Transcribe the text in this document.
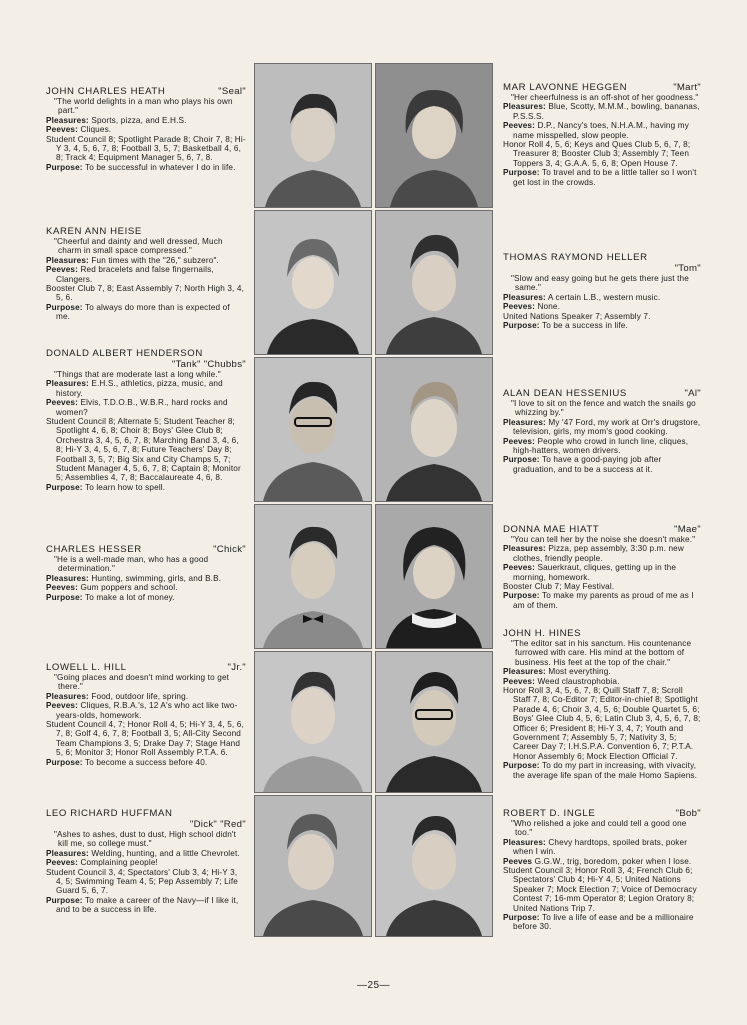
JOHN CHARLES HEATH	"Seal"
"The world delights in a man who plays his own part."
Pleasures: Sports, pizza, and E.H.S.
Peeves: Cliques.
Student Council 8; Spotlight Parade 8; Choir 7, 8; Hi-Y 3, 4, 5, 6, 7, 8; Football 3, 5, 7; Basketball 4, 6, 8; Track 4; Equipment Manager 5, 6, 7, 8.
Purpose: To be successful in whatever I do in life.
MAR LAVONNE HEGGEN	"Mart"
"Her cheerfulness is an off-shot of her goodness."
Pleasures: Blue, Scotty, M.M.M., bowling, bananas, P.S.S.S.
Peeves: D.P., Nancy's toes, N.H.A.M., having my name misspelled, slow people.
Honor Roll 4, 5, 6; Keys and Ques Club 5, 6, 7, 8; Treasurer 8; Booster Club 3; Assembly 7; Teen Toppers 3, 4; G.A.A. 5, 6, 8; Open House 7.
Purpose: To travel and to be a little taller so I won't get lost in the crowds.
KAREN ANN HEISE
"Cheerful and dainty and well dressed, Much charm in small space compressed."
Pleasures: Fun times with the "26," subzero".
Peeves: Red bracelets and false fingernails, Clangers.
Booster Club 7, 8; East Assembly 7; North High 3, 4, 5, 6.
Purpose: To always do more than is expected of me.
THOMAS RAYMOND HELLER
"Tom"
"Slow and easy going but he gets there just the same."
Pleasures: A certain L.B., western music.
Peeves: None.
United Nations Speaker 7; Assembly 7.
Purpose: To be a success in life.
DONALD ALBERT HENDERSON
"Tank" "Chubbs"
"Things that are moderate last a long while."
Pleasures: E.H.S., athletics, pizza, music, and history.
Peeves: Elvis, T.D.O.B., W.B.R., hard rocks and women?
Student Council 8; Alternate 5; Student Teacher 8; Spotlight 4, 6, 8; Choir 8; Boys' Glee Club 8; Orchestra 3, 4, 5, 6, 7, 8; Marching Band 3, 4, 6, 8; Hi-Y 3, 4, 5, 6, 7, 8; Future Teachers' Day 8; Football 3, 5, 7; Big Six and City Champs 5, 7; Student Manager 4, 5, 6, 7, 8; Captain 8; Monitor 5; Assemblies 4, 7, 8; Baccalaureate 4, 6, 8.
Purpose: To learn how to spell.
ALAN DEAN HESSENIUS	"Al"
"I love to sit on the fence and watch the snails go whizzing by."
Pleasures: My '47 Ford, my work at Orr's drugstore, television, girls, my mom's good cooking.
Peeves: People who crowd in lunch line, cliques, high-hatters, women drivers.
Purpose: To have a good-paying job after graduation, and to be a success at it.
CHARLES HESSER	"Chick"
"He is a well-made man, who has a good determination."
Pleasures: Hunting, swimming, girls, and B.B.
Peeves: Gum poppers and school.
Purpose: To make a lot of money.
DONNA MAE HIATT	"Mae"
"You can tell her by the noise she doesn't make."
Pleasures: Pizza, pep assembly, 3:30 p.m. new clothes, friendly people.
Peeves: Sauerkraut, cliques, getting up in the morning, homework.
Booster Club 7; May Festival.
Purpose: To make my parents as proud of me as I am of them.
JOHN H. HINES
"The editor sat in his sanctum. His countenance furrowed with care. His mind at the bottom of business. His feet at the top of the chair."
Pleasures: Most everything.
Peeves: Weed claustrophobia.
Honor Roll 3, 4, 5, 6, 7, 8; Quill Staff 7, 8; Scroll Staff 7, 8; Co-Editor 7; Editor-in-chief 8; Spotlight Parade 4, 6; Choir 3, 4, 5, 6; Double Quartet 5, 6; Boys' Glee Club 4, 5, 6; Latin Club 3, 4, 5, 6, 7, 8; Officer 6; President 8; Hi-Y 3, 4, 7; Youth and Government 7; Assembly 5, 7; Nativity 3, 5; Career Day 7; I.H.S.P.A. Convention 6, 7; P.T.A. Honor Assembly 6; Mock Election Official 7.
Purpose: To do my part in increasing, with vivacity, the average life span of the male Homo Sapiens.
LOWELL L. HILL	"Jr."
"Going places and doesn't mind working to get there."
Pleasures: Food, outdoor life, spring.
Peeves: Cliques, R.B.A.'s, 12 A's who act like two-years-olds, homework.
Student Council 4, 7; Honor Roll 4, 5; Hi-Y 3, 4, 5, 6, 7, 8; Golf 4, 6, 7, 8; Football 3, 5; All-City Second Team Champions 3, 5; Drake Day 7; Stage Hand 5, 6; Monitor 3; Honor Roll Assembly P.T.A. 6.
Purpose: To become a success before 40.
ROBERT D. INGLE	"Bob"
"Who relished a joke and could tell a good one too."
Pleasures: Chevy hardtops, spoiled brats, poker when I win.
Peeves G.G.W., trig, boredom, poker when I lose.
Student Council 3; Honor Roll 3, 4; French Club 6; Spectators' Club 4; Hi-Y 4, 5; United Nations Speaker 7; Mock Election 7; Voice of Democracy Contest 7; 16-mm Operator 8; Legion Oratory 8; United Nations Trip 7.
Purpose: To live a life of ease and be a millionaire before 30.
LEO RICHARD HUFFMAN
"Dick" "Red"
"Ashes to ashes, dust to dust, High school didn't kill me, so college must."
Pleasures: Welding, hunting, and a little Chevrolet.
Peeves: Complaining people!
Student Council 3, 4; Spectators' Club 3, 4; Hi-Y 3, 4, 5; Swimming Team 4, 5; Pep Assembly 7; Life Guard 5, 6, 7.
Purpose: To make a career of the Navy—if I like it, and to be a success in life.
—25—
